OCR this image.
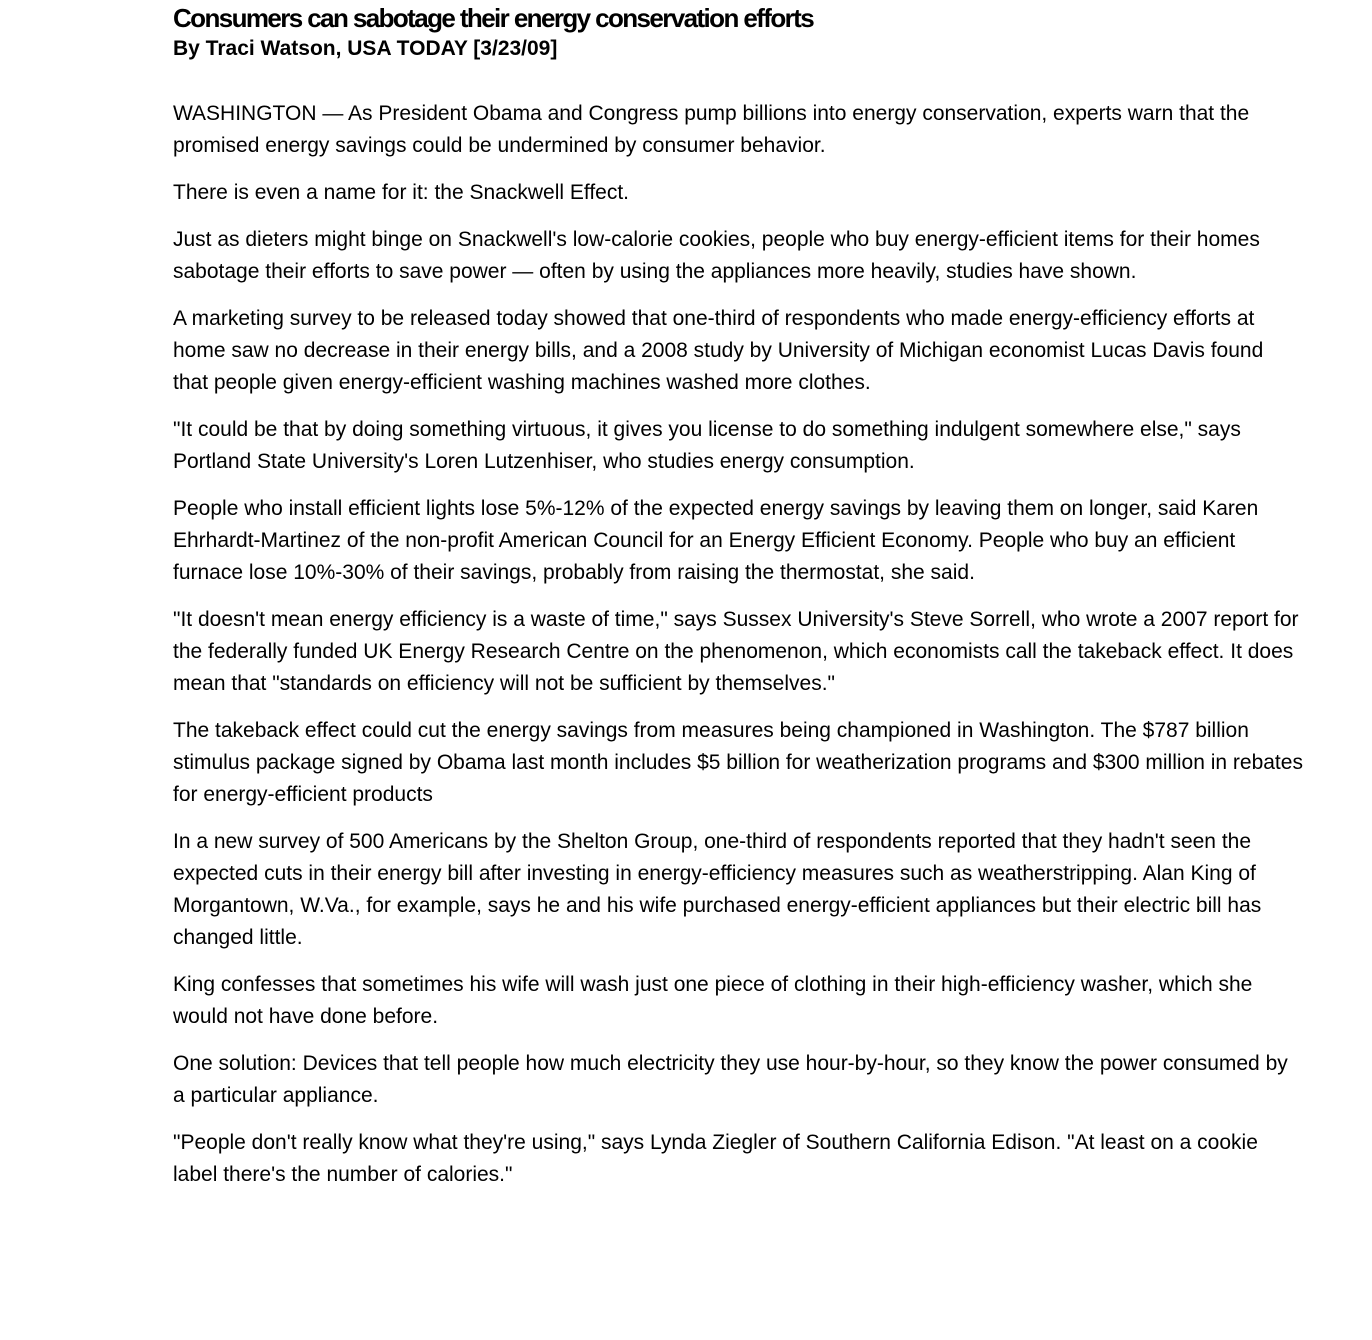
Consumers can sabotage their energy conservation efforts
By Traci Watson, USA TODAY [3/23/09]

WASHINGTON — As President Obama and Congress pump billions into energy conservation, experts warn that the promised energy savings could be undermined by consumer behavior.

There is even a name for it: the Snackwell Effect.

Just as dieters might binge on Snackwell's low-calorie cookies, people who buy energy-efficient items for their homes sabotage their efforts to save power — often by using the appliances more heavily, studies have shown.

A marketing survey to be released today showed that one-third of respondents who made energy-efficiency efforts at home saw no decrease in their energy bills, and a 2008 study by University of Michigan economist Lucas Davis found that people given energy-efficient washing machines washed more clothes.

"It could be that by doing something virtuous, it gives you license to do something indulgent somewhere else," says Portland State University's Loren Lutzenhiser, who studies energy consumption.

People who install efficient lights lose 5%-12% of the expected energy savings by leaving them on longer, said Karen Ehrhardt-Martinez of the non-profit American Council for an Energy Efficient Economy. People who buy an efficient furnace lose 10%-30% of their savings, probably from raising the thermostat, she said.

"It doesn't mean energy efficiency is a waste of time," says Sussex University's Steve Sorrell, who wrote a 2007 report for the federally funded UK Energy Research Centre on the phenomenon, which economists call the takeback effect. It does mean that "standards on efficiency will not be sufficient by themselves."

The takeback effect could cut the energy savings from measures being championed in Washington. The $787 billion stimulus package signed by Obama last month includes $5 billion for weatherization programs and $300 million in rebates for energy-efficient products

In a new survey of 500 Americans by the Shelton Group, one-third of respondents reported that they hadn't seen the expected cuts in their energy bill after investing in energy-efficiency measures such as weatherstripping. Alan King of Morgantown, W.Va., for example, says he and his wife purchased energy-efficient appliances but their electric bill has changed little.

King confesses that sometimes his wife will wash just one piece of clothing in their high-efficiency washer, which she would not have done before.

One solution: Devices that tell people how much electricity they use hour-by-hour, so they know the power consumed by a particular appliance.

"People don't really know what they're using," says Lynda Ziegler of Southern California Edison. "At least on a cookie label there's the number of calories."
